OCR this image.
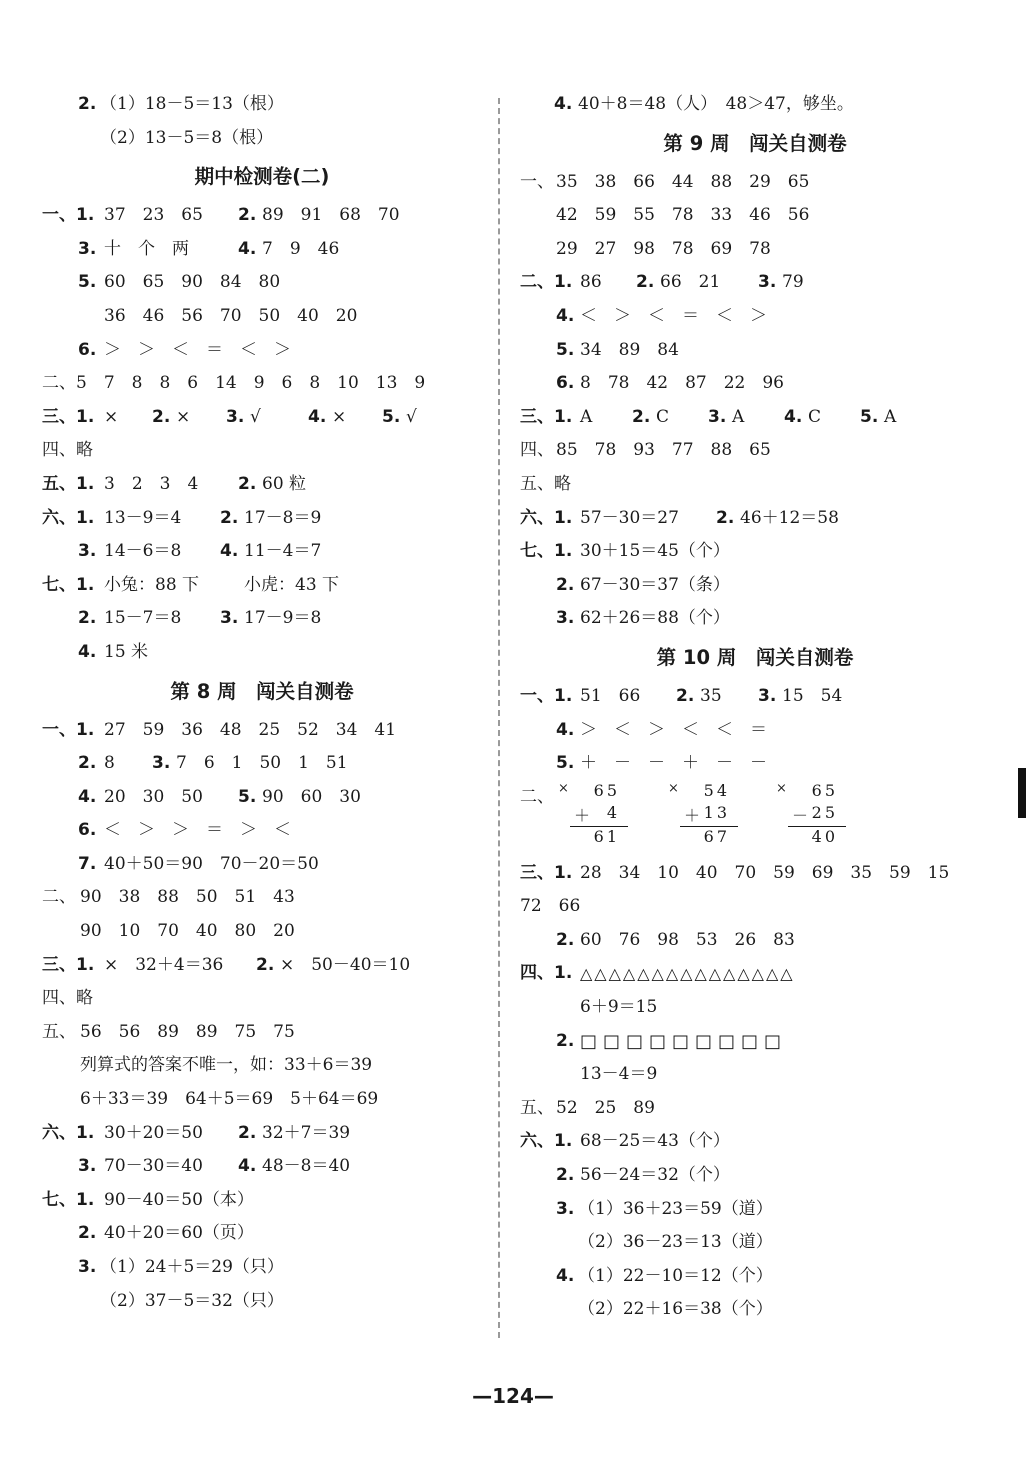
2. （1）18－5＝13（根）
（2）13－5＝8（根）
期中检测卷(二)
一、1. 37　23　65 2. 89　91　68　70
3. 十　个　两	4. 7　9　46
5. 60　65　90　84　80
36　46　56　70　50　40　20
6. ＞　＞　＜　＝　＜　＞
二、5　7　8　8　6　14　9　6　8　10　13　9
三、1. × 2. × 3. √	4. × 5. √
四、略
五、1. 3　2　3　4 2. 60 粒
六、1. 13－9＝4 2. 17－8＝9
3. 14－6＝8 4. 11－4＝7
七、1. 小兔：88 下	小虎：43 下
2. 15－7＝8 3. 17－9＝8
4. 15 米
第 8 周　闯关自测卷
一、1. 27　59　36　48　25　52　34　41
2. 8 3. 7　6　1　50　1　51
4. 20　30　50 5. 90　60　30
6. ＜　＞　＞　＝　＞　＜
7. 40＋50＝90　70－20＝50
二、 90　38　88　50　51　43
90　10　70　40　80　20
三、1. ×　32＋4＝36 2. ×　50－40＝10
四、略
五、 56　56　89　89　75　75
列算式的答案不唯一，如：33＋6＝39
6＋33＝39　64＋5＝69　5＋64＝69
六、1. 30＋20＝50 2. 32＋7＝39
3. 70－30＝40 4. 48－8＝40
七、1. 90－40＝50（本）
2. 40＋20＝60（页）
3. （1）24＋5＝29（只）
（2）37－5＝32（只）
4. 40＋8＝48（人）　48＞47，够坐。
第 9 周　闯关自测卷
一、 35　38　66　44　88　29　65
42　59　55　78　33　46　56
29　27　98　78　69　78
二、1. 86 2. 66　21 3. 79
4. ＜　＞　＜　＝　＜　＞
5. 34　89　84
6. 8　78　42　87　22　96
三、1. A 2. C 3. A 4. C 5. A
四、 85　78　93　77　88　65
五、略
六、1. 57－30＝27 2. 46＋12＝58
七、1. 30＋15＝45（个）
2. 67－30＝37（条）
3. 62＋26＝88（个）
第 10 周　闯关自测卷
一、1. 51　66 2. 35 3. 15　54
4. ＞　＜　＞　＜　＜　＝
5. ＋　－　－　＋　－　－
二、 × 65
＋ 4
61
× 54
＋ 13
67
× 65
－ 25
40
三、1. 28　34　10　40　70　59　69　35　59　15
72　66
2. 60　76　98　53　26　83
四、1. △△△△△△△△△△△△△△△
6＋9＝15
2. □□□□□□□□□
13－4＝9
五、 52　25　89
六、1. 68－25＝43（个）
2. 56－24＝32（个）
3. （1）36＋23＝59（道）
（2）36－23＝13（道）
4. （1）22－10＝12（个）
（2）22＋16＝38（个）
—124—
